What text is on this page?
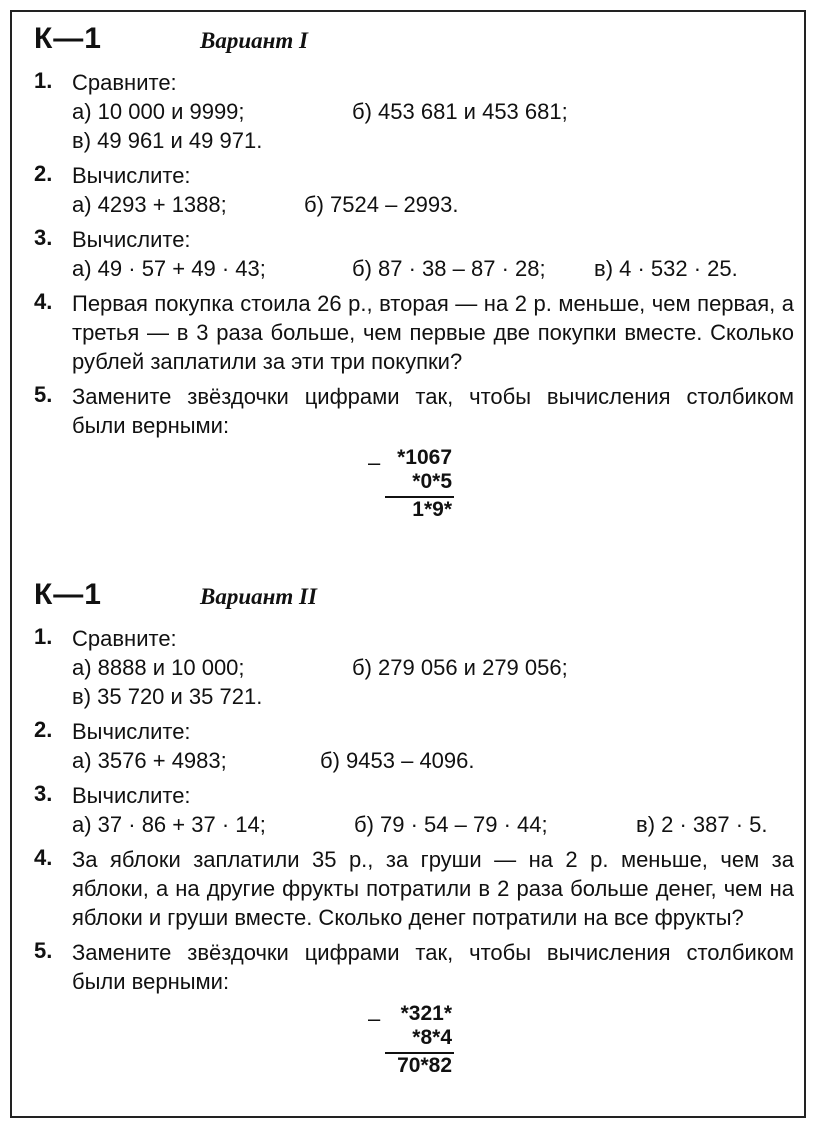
К—1	Вариант I
1. Сравните:
а) 10 000 и 9999;	б) 453 681 и 453 681;
в) 49 961 и 49 971.
2. Вычислите:
а) 4293 + 1388;	б) 7524 – 2993.
3. Вычислите:
а) 49 · 57 + 49 · 43;	б) 87 · 38 – 87 · 28; в) 4 · 532 · 25.
4. Первая покупка стоила 26 р., вторая — на 2 р. меньше, чем первая, а третья — в 3 раза больше, чем первые две покупки вместе. Сколько рублей заплатили за эти три покупки?
5. Замените звёздочки цифрами так, чтобы вычисления столбиком были верными:
– *1067
*0*5
1*9*
К—1	Вариант II
1. Сравните:
а) 8888 и 10 000;	б) 279 056 и 279 056;
в) 35 720 и 35 721.
2. Вычислите:
а) 3576 + 4983;	б) 9453 – 4096.
3. Вычислите:
а) 37 · 86 + 37 · 14;	б) 79 · 54 – 79 · 44;	в) 2 · 387 · 5.
4. За яблоки заплатили 35 р., за груши — на 2 р. меньше, чем за яблоки, а на другие фрукты потратили в 2 раза больше денег, чем на яблоки и груши вместе. Сколько денег потратили на все фрукты?
5. Замените звёздочки цифрами так, чтобы вычисления столбиком были верными:
– *321*
*8*4
70*82
